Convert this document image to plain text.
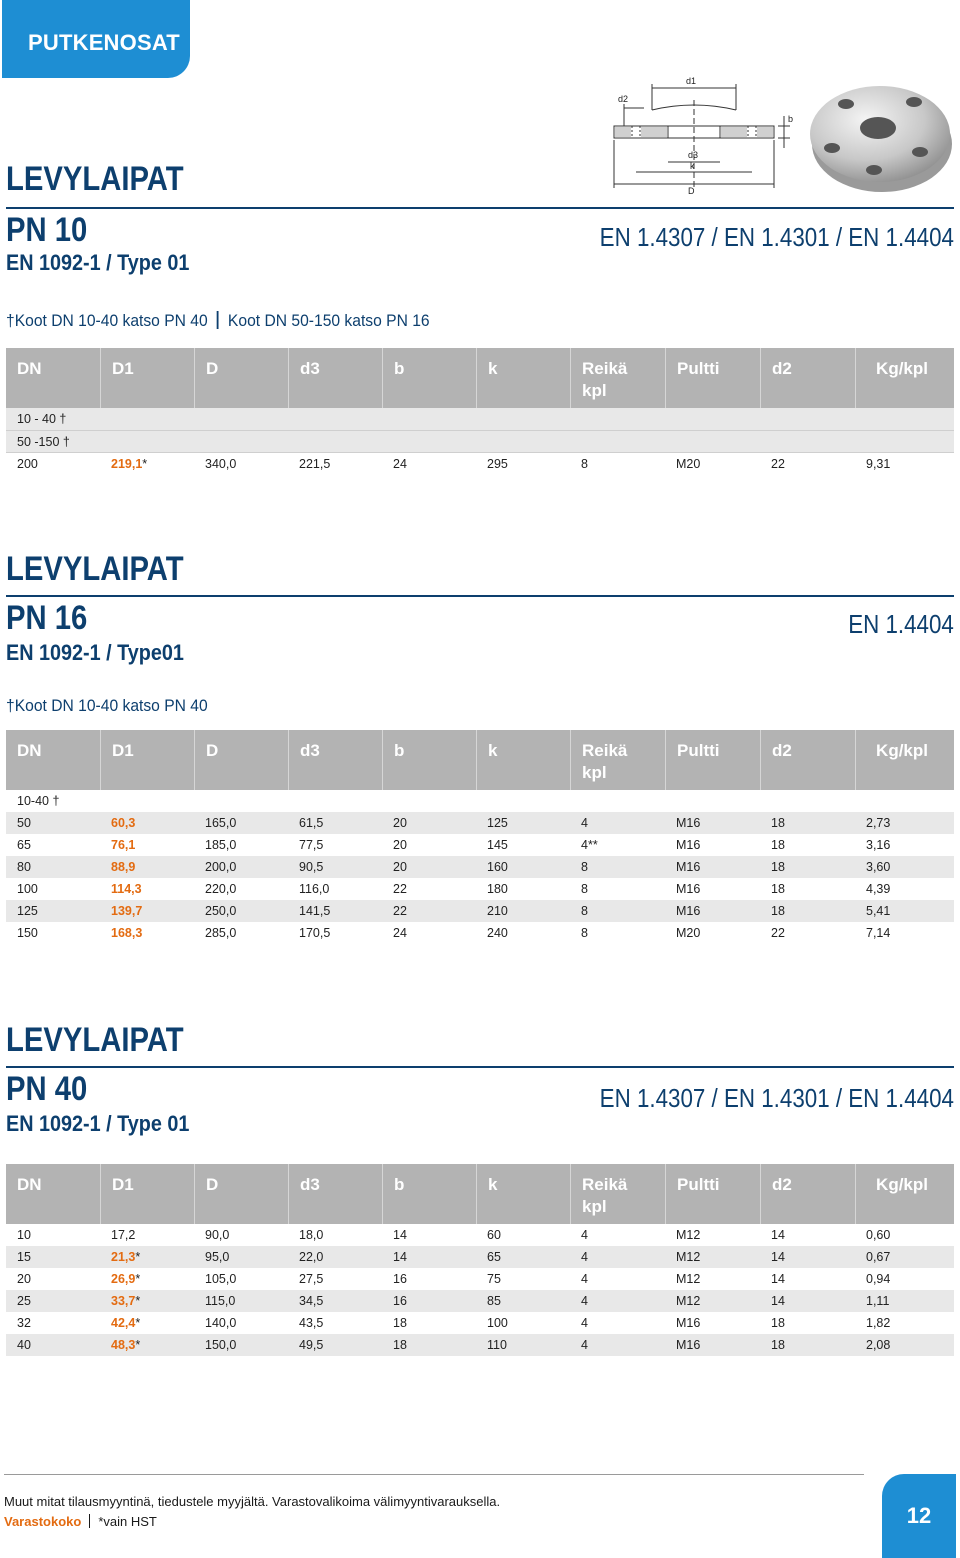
PUTKENOSAT
d1
d2
d3
k
D
b
LEVYLAIPAT
PN 10
EN 1092-1 / Type 01
EN 1.4307 / EN 1.4301 / EN 1.4404
†Koot DN 10-40 katso PN 40 Koot DN 50-150 katso PN 16
DN	D1	D	d3	b	k	Reikä
kpl
Pultti	d2	Kg/kpl
10 - 40 †
50 -150 †
200	219,1*	340,0	221,5	24	295	8	M20	22	9,31
LEVYLAIPAT
PN 16
EN 1092-1 / Type01
EN 1.4404
†Koot DN 10-40 katso PN 40
DN	D1	D	d3	b	k	Reikä
kpl
Pultti	d2	Kg/kpl
10-40 †
50	60,3	165,0	61,5	20	125	4	M16	18	2,73
65	76,1	185,0	77,5	20	145	4**	M16	18	3,16
80	88,9	200,0	90,5	20	160	8	M16	18	3,60
100	114,3	220,0	116,0	22	180	8	M16	18	4,39
125	139,7	250,0	141,5	22	210	8	M16	18	5,41
150	168,3	285,0	170,5	24	240	8	M20	22	7,14
LEVYLAIPAT
PN 40
EN 1092-1 / Type 01
EN 1.4307 / EN 1.4301 / EN 1.4404
DN	D1	D	d3	b	k	Reikä
kpl
Pultti	d2	Kg/kpl
10	17,2	90,0	18,0	14	60	4	M12	14	0,60
15	21,3*	95,0	22,0	14	65	4	M12	14	0,67
20	26,9*	105,0	27,5	16	75	4	M12	14	0,94
25	33,7*	115,0	34,5	16	85	4	M12	14	1,11
32	42,4*	140,0	43,5	18	100	4	M16	18	1,82
40	48,3*	150,0	49,5	18	110	4	M16	18	2,08
Muut mitat tilausmyyntinä, tiedustele myyjältä. Varastovalikoima välimyyntivarauksella.
Varastokoko *vain HST	12
